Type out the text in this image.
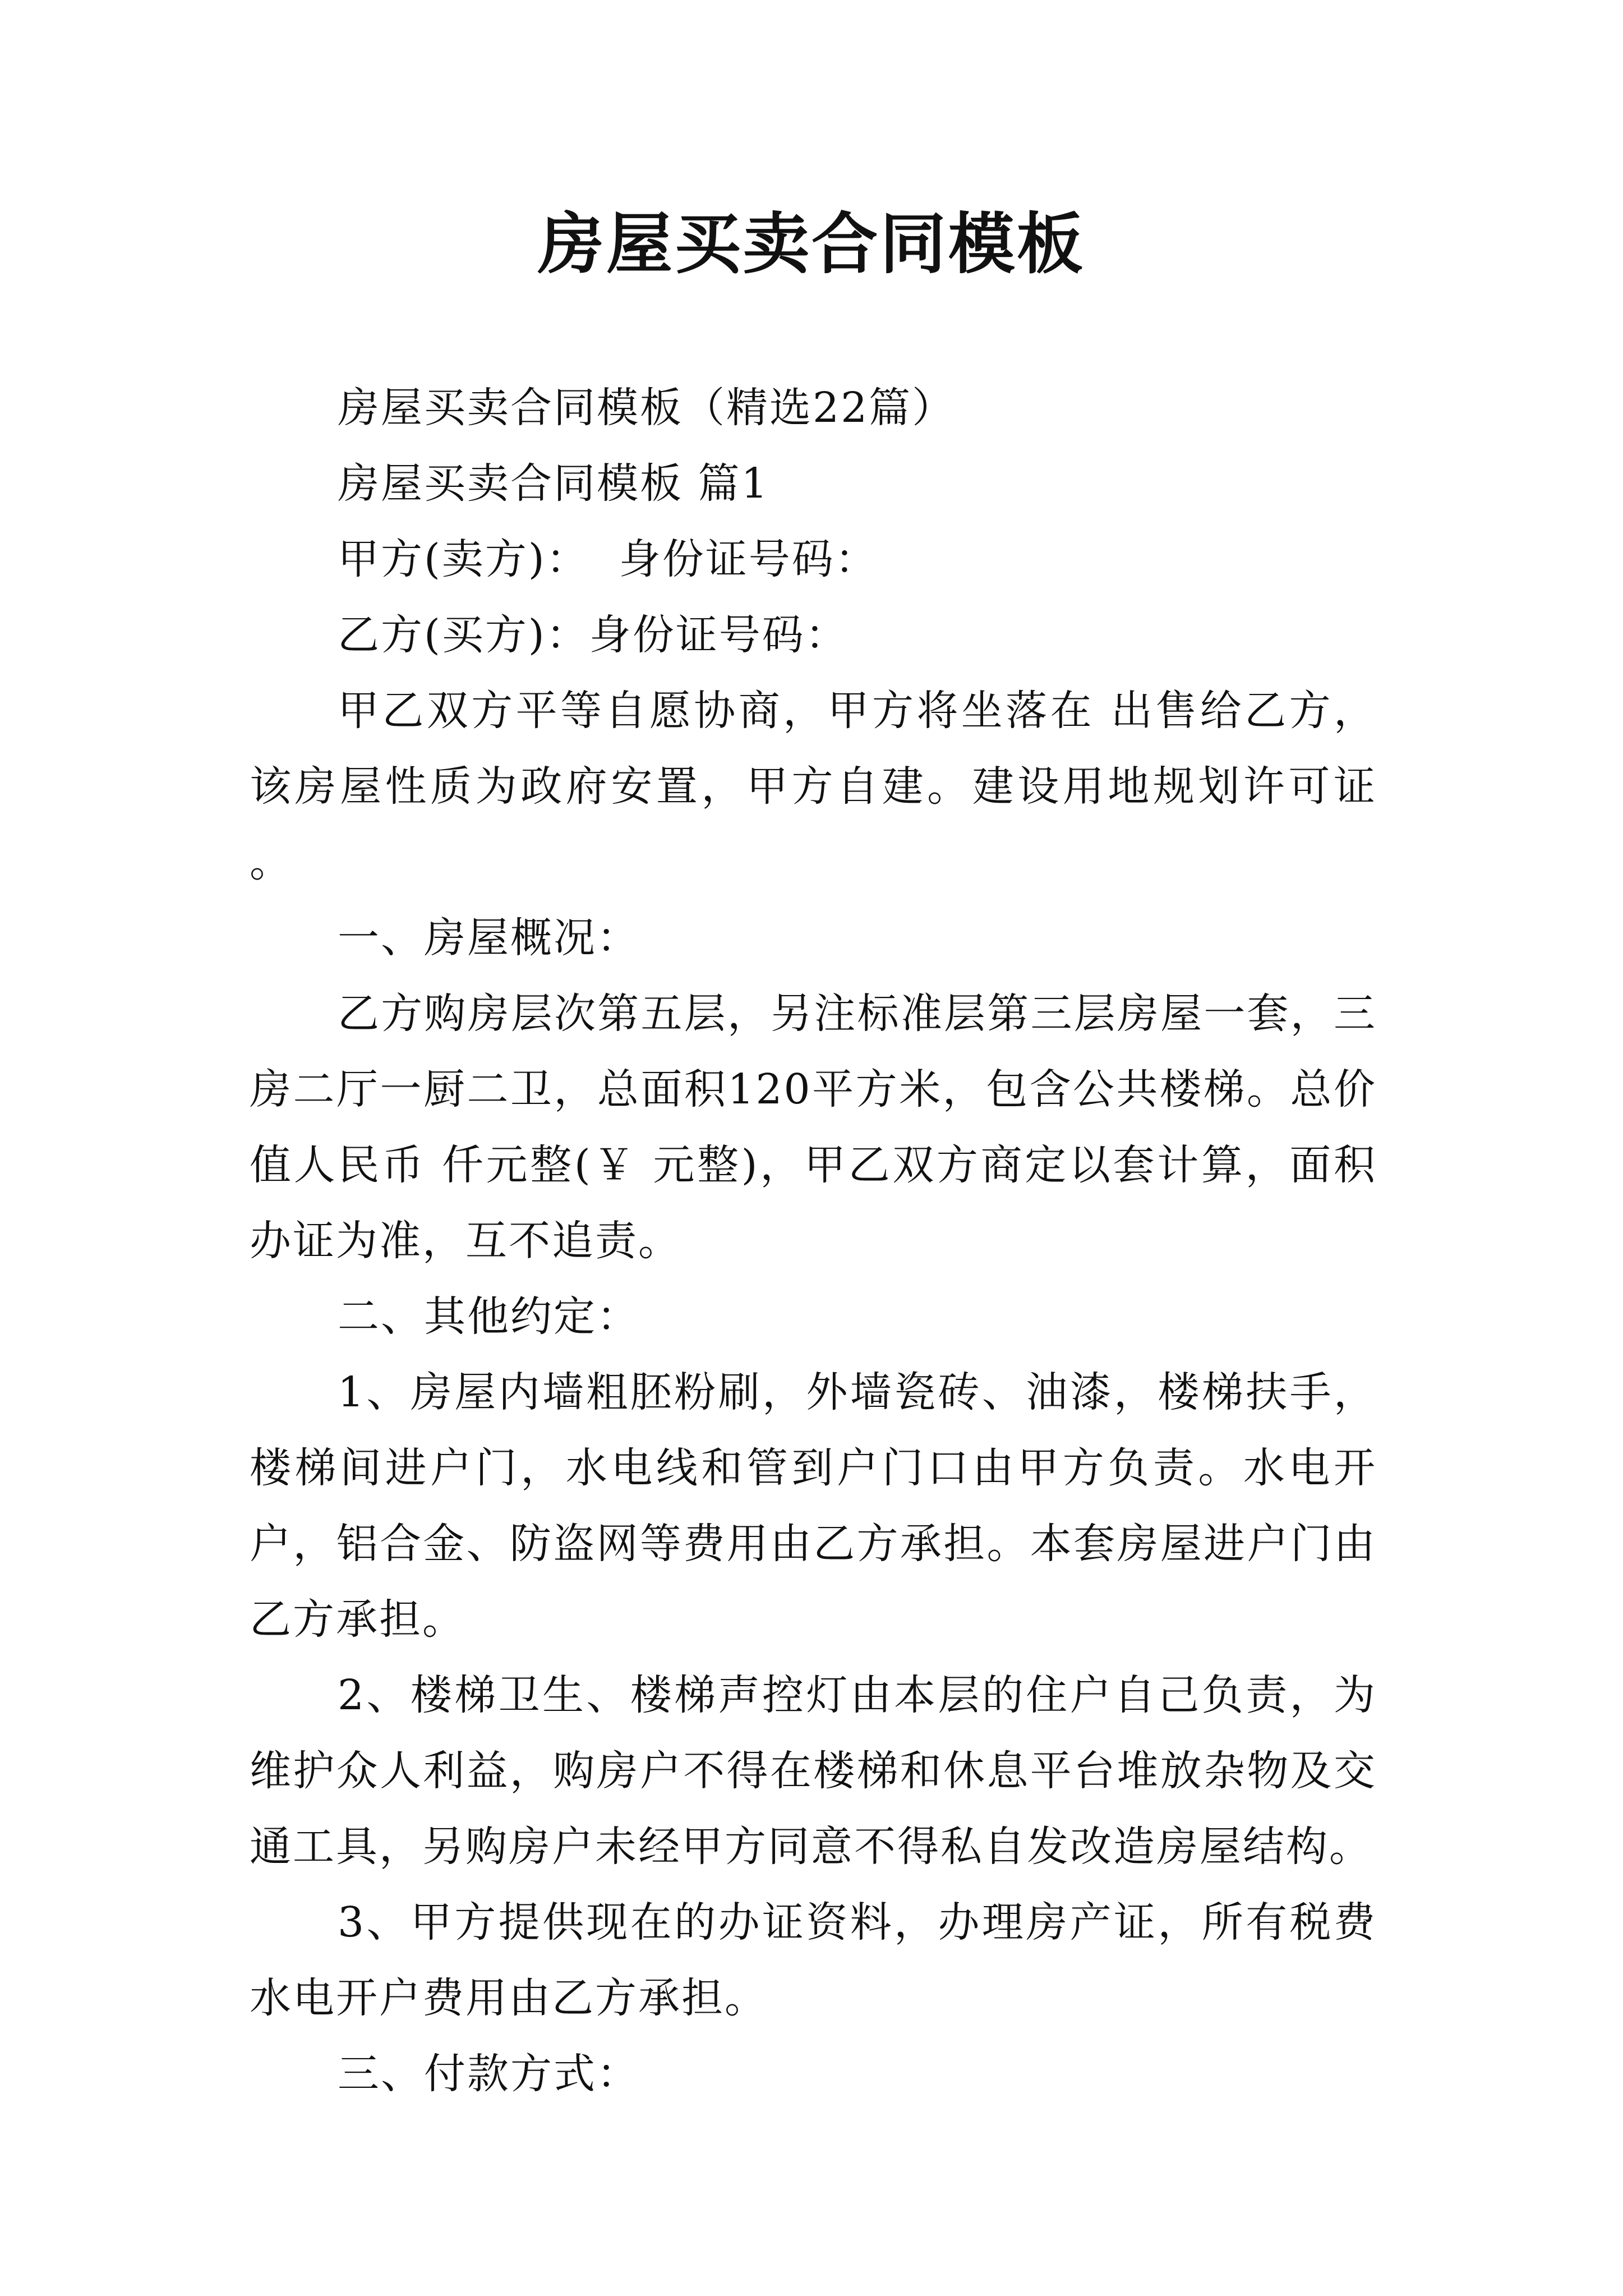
房屋买卖合同模板

房屋买卖合同模板（精选22篇）

房屋买卖合同模板 篇1

甲方(卖方)：  身份证号码：

乙方(买方)：身份证号码：

甲乙双方平等自愿协商，甲方将坐落在 出售给乙方，该房屋性质为政府安置，甲方自建。建设用地规划许可证 。

一、房屋概况：

乙方购房层次第五层，另注标准层第三层房屋一套，三房二厅一厨二卫，总面积120平方米，包含公共楼梯。总价值人民币 仟元整(￥ 元整)，甲乙双方商定以套计算，面积办证为准，互不追责。

二、其他约定：

1、房屋内墙粗胚粉刷，外墙瓷砖、油漆，楼梯扶手，楼梯间进户门，水电线和管到户门口由甲方负责。水电开户，铝合金、防盗网等费用由乙方承担。本套房屋进户门由乙方承担。

2、楼梯卫生、楼梯声控灯由本层的住户自己负责，为维护众人利益，购房户不得在楼梯和休息平台堆放杂物及交通工具，另购房户未经甲方同意不得私自发改造房屋结构。

3、甲方提供现在的办证资料，办理房产证，所有税费水电开户费用由乙方承担。

三、付款方式：
